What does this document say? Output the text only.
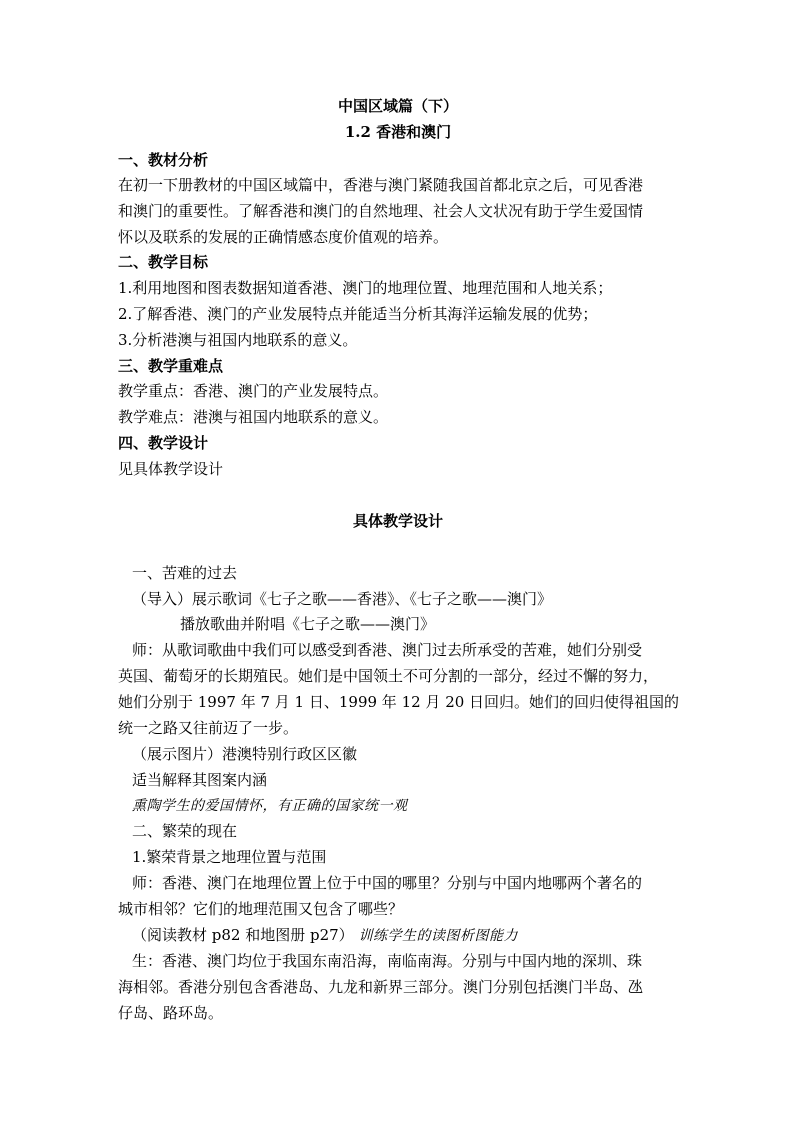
中国区域篇（下）
1.2 香港和澳门
一、教材分析
在初一下册教材的中国区域篇中，香港与澳门紧随我国首都北京之后，可见香港
和澳门的重要性。了解香港和澳门的自然地理、社会人文状况有助于学生爱国情
怀以及联系的发展的正确情感态度价值观的培养。
二、教学目标
1.利用地图和图表数据知道香港、澳门的地理位置、地理范围和人地关系；
2.了解香港、澳门的产业发展特点并能适当分析其海洋运输发展的优势；
3.分析港澳与祖国内地联系的意义。
三、教学重难点
教学重点：香港、澳门的产业发展特点。
教学难点：港澳与祖国内地联系的意义。
四、教学设计
见具体教学设计
具体教学设计
一、苦难的过去
（导入）展示歌词《七子之歌——香港》、《七子之歌——澳门》
播放歌曲并附唱《七子之歌——澳门》
师：从歌词歌曲中我们可以感受到香港、澳门过去所承受的苦难，她们分别受
英国、葡萄牙的长期殖民。她们是中国领土不可分割的一部分，经过不懈的努力，
她们分别于 1997 年 7 月 1 日、1999 年 12 月 20 日回归。她们的回归使得祖国的
统一之路又往前迈了一步。
（展示图片）港澳特别行政区区徽
适当解释其图案内涵
熏陶学生的爱国情怀，有正确的国家统一观
二、繁荣的现在
1.繁荣背景之地理位置与范围
师：香港、澳门在地理位置上位于中国的哪里？分别与中国内地哪两个著名的
城市相邻？它们的地理范围又包含了哪些？
（阅读教材 p82 和地图册 p27） 训练学生的读图析图能力
生：香港、澳门均位于我国东南沿海，南临南海。分别与中国内地的深圳、珠
海相邻。香港分别包含香港岛、九龙和新界三部分。澳门分别包括澳门半岛、氹
仔岛、路环岛。
